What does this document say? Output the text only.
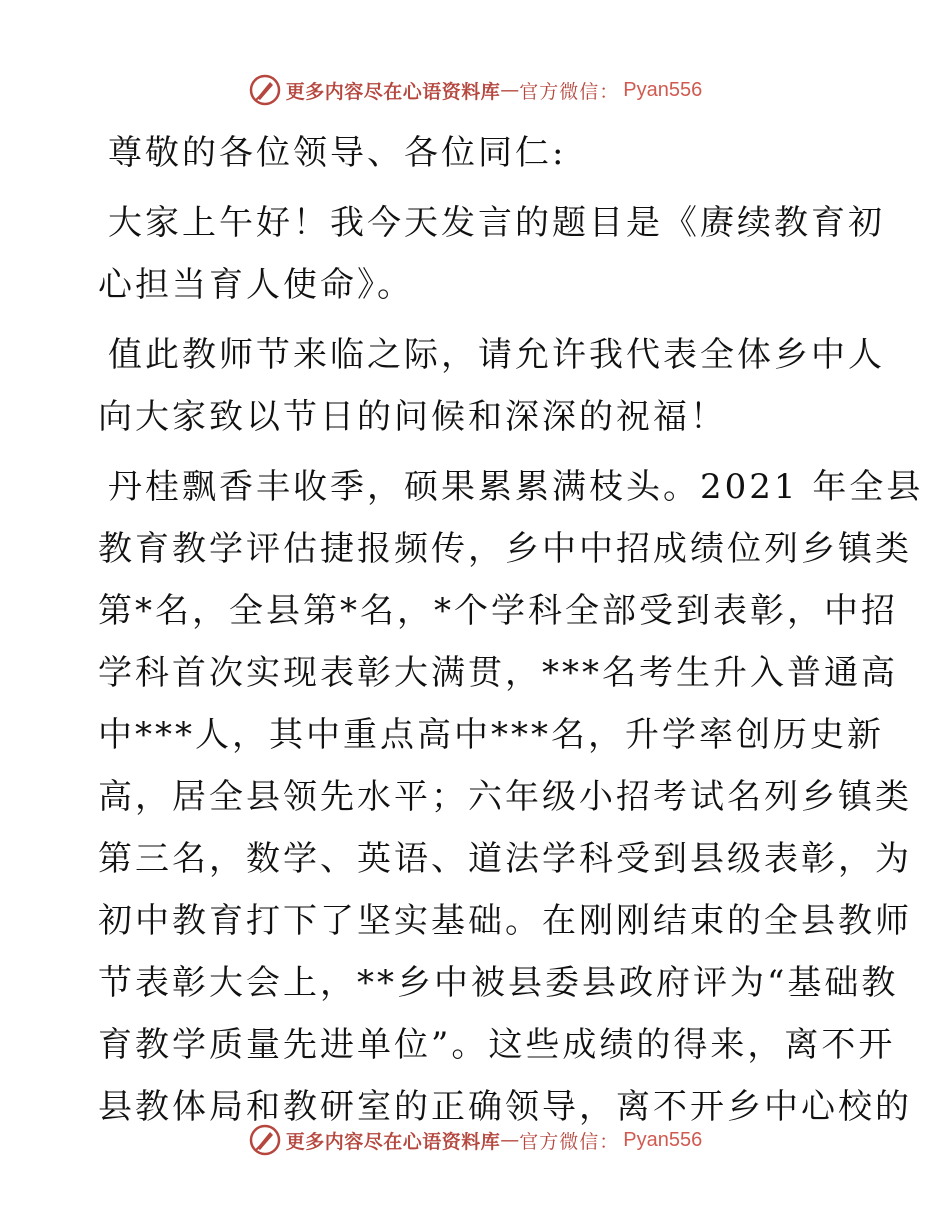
更多内容尽在心语资料库 — 官方微信： Pyan556

尊敬的各位领导、各位同仁:

大家上午好！我今天发言的题目是《赓续教育初
心担当育人使命》。

值此教师节来临之际，请允许我代表全体乡中人
向大家致以节日的问候和深深的祝福！

丹桂飘香丰收季，硕果累累满枝头。2021 年全县
教育教学评估捷报频传，乡中中招成绩位列乡镇类
第*名，全县第*名，*个学科全部受到表彰，中招
学科首次实现表彰大满贯，***名考生升入普通高
中***人，其中重点高中***名，升学率创历史新
高，居全县领先水平；六年级小招考试名列乡镇类
第三名，数学、英语、道法学科受到县级表彰，为
初中教育打下了坚实基础。在刚刚结束的全县教师
节表彰大会上，**乡中被县委县政府评为“基础教
育教学质量先进单位”。这些成绩的得来，离不开
县教体局和教研室的正确领导，离不开乡中心校的

更多内容尽在心语资料库 — 官方微信： Pyan556
